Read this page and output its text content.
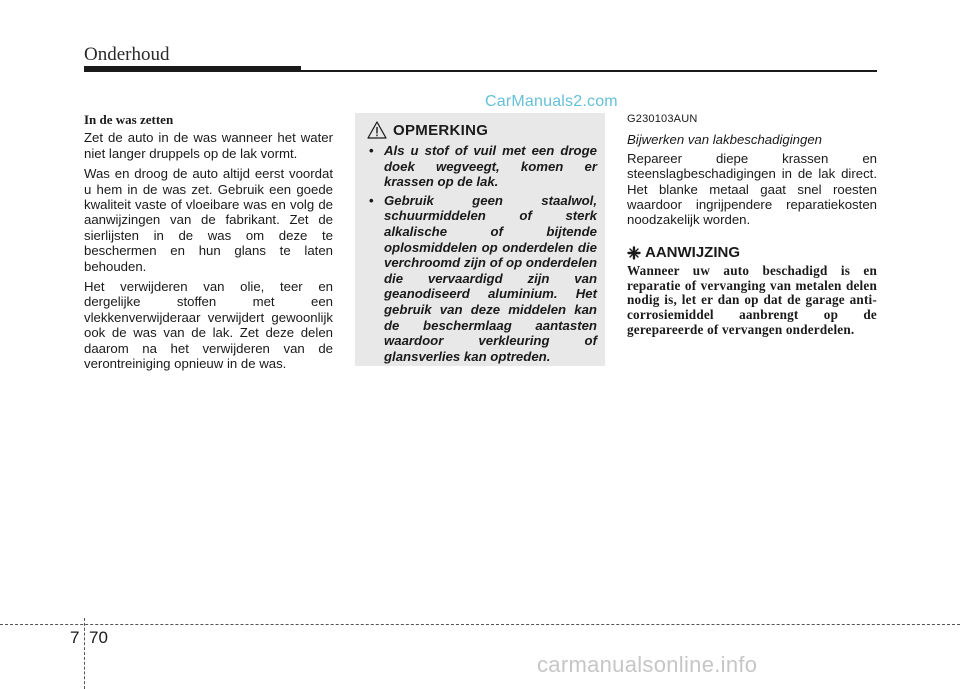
Onderhoud
CarManuals2.com
In de was zetten

Zet de auto in de was wanneer het water niet langer druppels op de lak vormt.

Was en droog de auto altijd eerst voordat u hem in de was zet. Gebruik een goede kwaliteit vaste of vloeibare was en volg de aanwijzingen van de fabrikant. Zet de sierlijsten in de was om deze te beschermen en hun glans te laten behouden.

Het verwijderen van olie, teer en dergelijke stoffen met een vlekkenverwijderaar verwijdert gewoonlijk ook de was van de lak. Zet deze delen daarom na het verwijderen van de verontreiniging opnieuw in de was.

OPMERKING
• Als u stof of vuil met een droge doek wegveegt, komen er krassen op de lak.
• Gebruik geen staalwol, schuurmiddelen of sterk alkalische of bijtende oplosmiddelen op onderdelen die verchroomd zijn of op onderdelen die vervaardigd zijn van geanodiseerd aluminium. Het gebruik van deze middelen kan de beschermlaag aantasten waardoor verkleuring of glansverlies kan optreden.
G230103AUN
Bijwerken van lakbeschadigingen

Repareer diepe krassen en steenslagbeschadigingen in de lak direct. Het blanke metaal gaat snel roesten waardoor ingrijpendere reparatiekosten noodzakelijk worden.

AANWIJZING
Wanneer uw auto beschadigd is en reparatie of vervanging van metalen delen nodig is, let er dan op dat de garage anti-corrosiemiddel aanbrengt op de gerepareerde of vervangen onderdelen.
7 70
carmanualsonline.info
